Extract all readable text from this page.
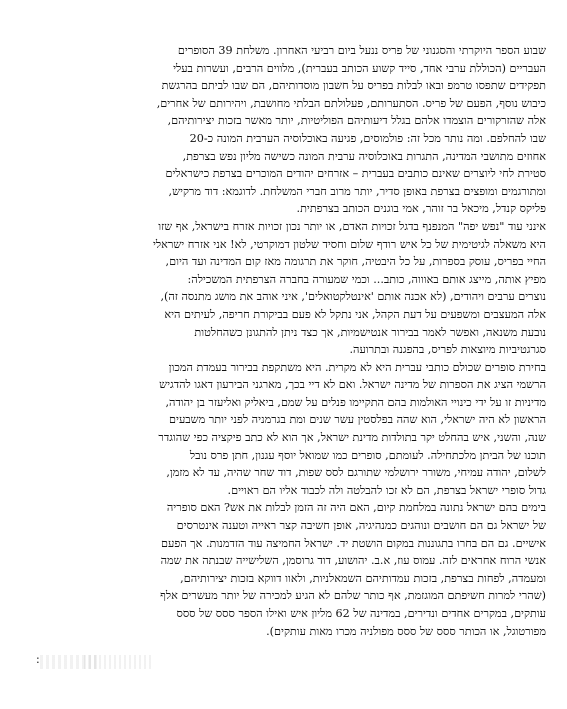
שבוע הספר היוקרתי והסגנוני של פריס ננעל ביום רביעי האחרון. משלחת 39 הסופרים
העבריים (הכוללת ערבי אחד, סייד קשוע הכותב בעברית), מלווים הרבים, ועשרות בעלי
תפקידים שתפסו טרמפ ובאו לבלות בפריס על חשבון מוסדותיהם, הם שבו לביתם בהרגשת
כיבוש נוסף, הפעם של פריס. הסתערותם, פעלולתם הבלתי מחושבת, ויהירותם של אחרים,
אלה שהזרקורים הוצמדו אלהם בגלל דיעותיהם הפוליטיות, יותר מאשר בזכות יצירותיהם,
שבו להחלפם. ומה נותר מכל זה: פולמוסים, פגיעה באוכלוסיה הערבית המונה כ-20
אחוזים מתושבי המדינה, התגרות באוכלוסיה ערבית המונה כשישה מליון נפש בצרפת,
סטירת לחי ליוצרים שאינם כותבים בעברית – אזרחים יהודים המוכרים בצרפת כישראלים
ומתורגמים ומופצים בצרפת באופן סדיר, יותר מרוב חברי המשלחת. לדוגמא: דוד מרקיש,
פליקס קנדל, מיכאל בר זוהר, אמי בוגנים הכותב בצרפתית.
אינני עוד "נפש יפה" המנפנף בדגל זכויות האדם, או יותר נכון זכויות אזרח בישראל, אף שזו
היא משאלה לגיטימית של כל איש רודף שלום וחסיד שלטון דמוקרטי, לא! אני אזרח ישראלי
החיי בפריס, עוסק בספרות, על כל היבטיה, חוקר את תרגומה מאז קום המדינה ועד היום,
מפיץ אותה, מייצג אותם באוווה, כותב... וכמי שמעורה בחברה הצרפתית המשכילה:
נוצרים ערבים ויהודים, (לא אכנה אותם 'אינטלקטואלים', איני אוהב את מושג מתנסה זה),
אלה המעצבים ומשפעים על דעת הקהל, אני נתקל לא פעם בביקורת חריפה, לעיתים היא
נובעת משנאה, ואפשר לאמר בבירור אנטישמיות, אך כצד ניתן להתגונן כשהחלטות
סגרגטיביות מיוצאות לפריס, בהפגנה ובתרועה.
בחירת סופרים שכולם כותבי עברית היא לא מקרית. היא משתקפת בבירור בעמדת המכון
הרשמי הציג את הספרות של מדינה ישראל. ואם לא דיי בכך, מארגני הבירעון דאגו להדגיש
מדיניות זו על ידי כינויי האולמות בהם התקיימו פנלים על שמם, ביאליק ואליעזר בן יהודה,
הראשון לא היה ישראלי, הוא שהה בפלסטין עשר שנים ומת בגרמניה לפני יותר משבעים
שנה, והשני, איש בהחלט יקר בתולדות מדינת ישראל, אך הוא לא כתב פיקציה כפי שהוגדר
תוכנו של הביתן מלכתחילה. לעומתם, סופרים כמו שמואל יוסף עגנון, חתן פרס נובל
לשלום, יהודה עמיחי, משורר ירושלמי שתורגם לסס שפות, דוד שחר שהיה, עד לא מזמן,
גדול סופרי ישראל בצרפת, הם לא זכו להבלטה ולה לכבוד אליו הם ראויים.
בימים בהם ישראל נתונה במלחמת קיום, האם היה זה הזמן לבלות את אש? האם סופריה
של ישראל גם הם חושבים ונוהגים כמנהיגיה, אופן חשיבה קצר ראייה וטענה אינטרסים
אישיים. גם הם בחרו בתגוננות במקום הושטת יד. ישראל החמיצה עוד הזדמנות. אך הפעם
אנשי הרוח אחראים לזה. עמוס עוז, א.ב. יהושוע, דוד גרוסמן, השלישייה שבנתה את שמה
ומעמדה, לפחות בצרפת, בזכות עמדותיהם השמאלניות, ולאוו דווקא בזכות יצירותיהם,
(שהרי למרות חשיפתם המוגזמת, אף כותר שלהם לא הגיע למכירה של יותר מעשרים אלף
עותקים, במקרים אחדים ונדירים, במדינה של 62 מליון איש ואילו הספר ססס של ססס
מפורטוגל, או הכותר ססס של ססס מפולניה מכרו מאות עותקים).
:
